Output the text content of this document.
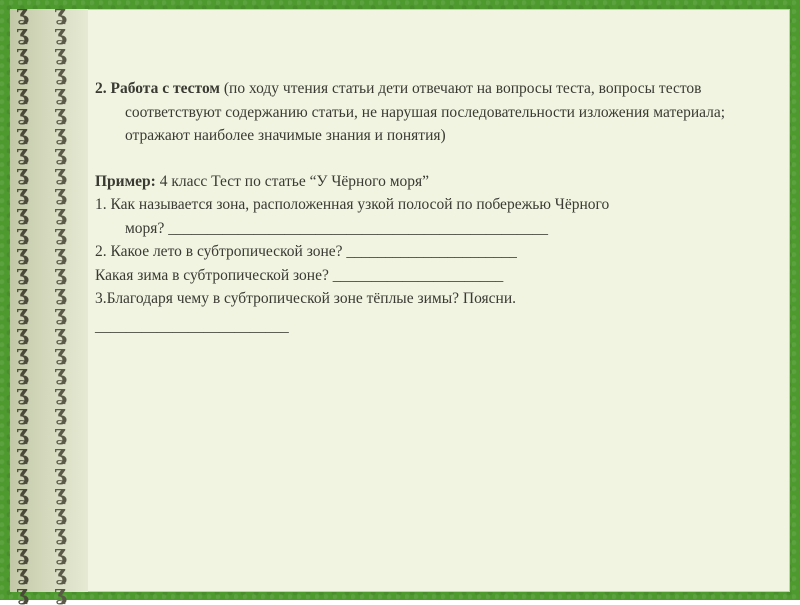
ʓ
ʓ
ʓ
ʓ
ʓ
ʓ
ʓ
ʓ
ʓ
ʓ
ʓ
ʓ
ʓ
ʓ
ʓ
ʓ
ʓ
ʓ
ʓ
ʓ
ʓ
ʓ
ʓ
ʓ
ʓ
ʓ
ʓ
ʓ
ʓ
ʓ
ʓ
ʓ
ʓ
ʓ
ʓ
ʓ
ʓ
ʓ
ʓ
ʓ
ʓ
ʓ
ʓ
ʓ
ʓ
ʓ
ʓ
ʓ
ʓ
ʓ
ʓ
ʓ
ʓ
ʓ
ʓ
ʓ
ʓ
ʓ
ʓ
ʓ

2. Работа с тестом (по ходу чтения статьи дети отвечают на вопросы теста, вопросы тестов соответствуют содержанию статьи, не нарушая последовательности изложения материала; отражают наиболее значимые знания и понятия)

Пример: 4 класс Тест по статье “У Чёрного моря”

1. Как называется зона, расположенная узкой полосой по побережью Чёрного

моря? _________________________________________________

2. Какое лето в субтропической зоне? ______________________

Какая зима в субтропической зоне? ______________________

3.Благодаря чему в субтропической зоне тёплые зимы? Поясни.

_________________________
